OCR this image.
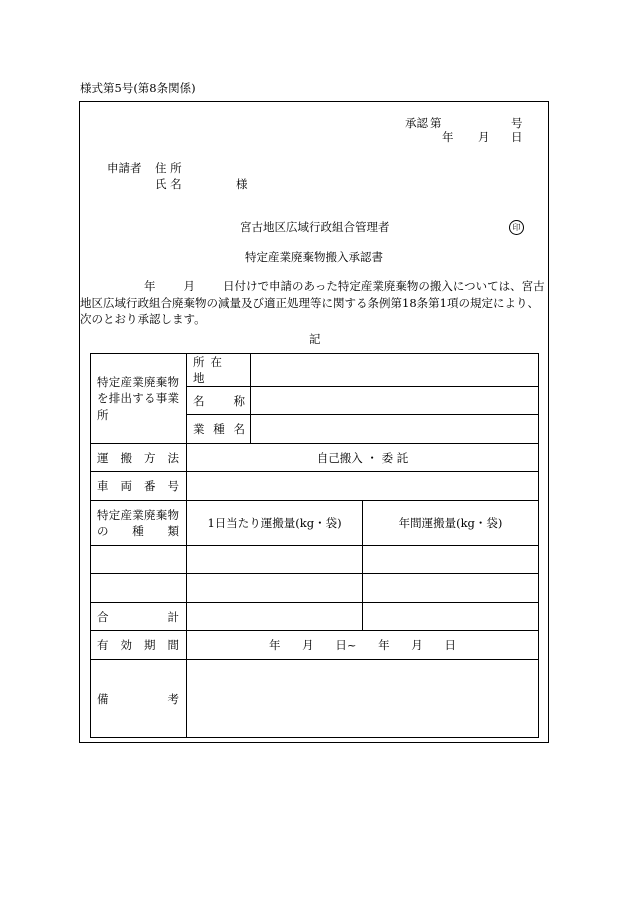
様式第5号(第8条関係)
承認 第	号
年 月 日
申請者 住 所
氏 名	様
宮古地区広域行政組合管理者	印
特定産業廃棄物搬入承認書
年 月 日付けで申請のあった特定産業廃棄物の搬入については、宮古地区広域行政組合廃棄物の減量及び適正処理等に関する条例第18条第1項の規定により、次のとおり承認します。
記
特定産業廃棄物を排出する事業所	所在地		

	名称		

	業種名		

運搬方法	自己搬入 ・ 委 託		

車両番号			

特定産業廃棄物の種類	1日当たり運搬量(kg・袋)		年間運搬量(kg・袋)

合計			

有効期間	年 月 日~ 年 月 日		

備考			
